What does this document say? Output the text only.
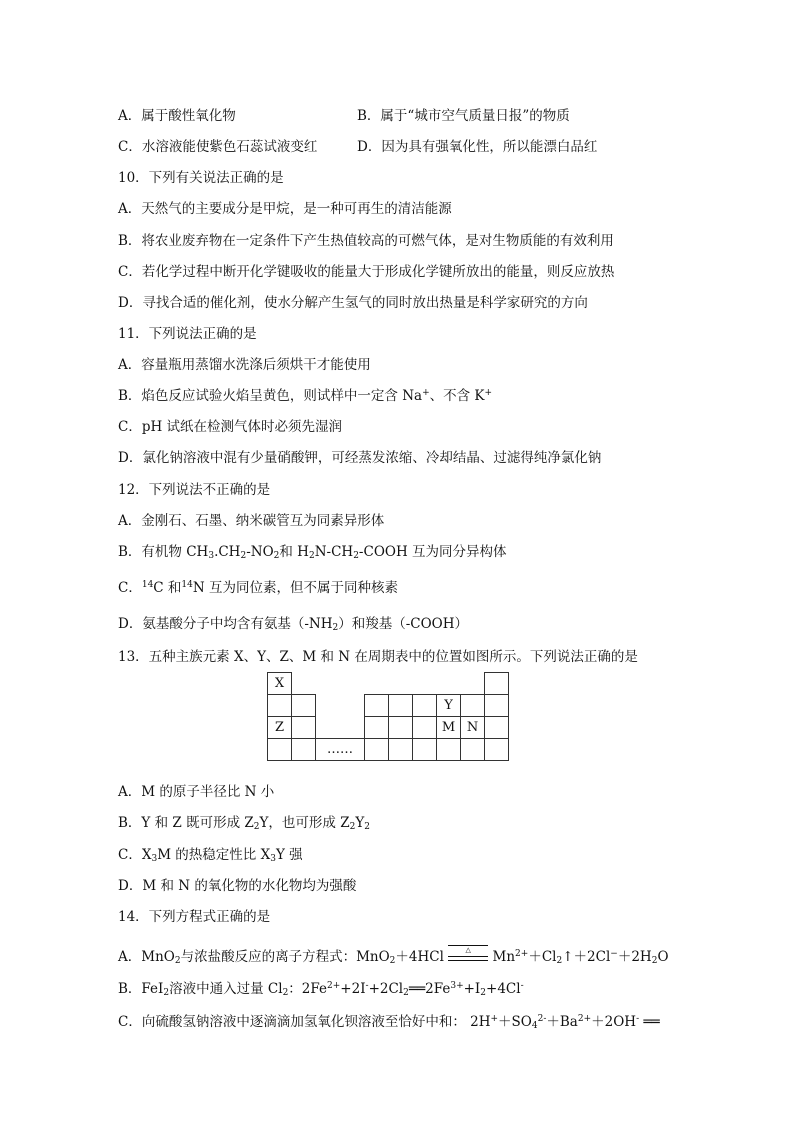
A．属于酸性氧化物	B．属于“城市空气质量日报”的物质
C．水溶液能使紫色石蕊试液变红	D．因为具有强氧化性，所以能漂白品红
10．下列有关说法正确的是
A．天然气的主要成分是甲烷，是一种可再生的清洁能源
B．将农业废弃物在一定条件下产生热值较高的可燃气体，是对生物质能的有效利用
C．若化学过程中断开化学键吸收的能量大于形成化学键所放出的能量，则反应放热
D．寻找合适的催化剂，使水分解产生氢气的同时放出热量是科学家研究的方向
11．下列说法正确的是
A．容量瓶用蒸馏水洗涤后须烘干才能使用
B．焰色反应试验火焰呈黄色，则试样中一定含 Na+、不含 K+
C．pH 试纸在检测气体时必须先湿润
D．氯化钠溶液中混有少量硝酸钾，可经蒸发浓缩、冷却结晶、过滤得纯净氯化钠
12．下列说法不正确的是
A．金刚石、石墨、纳米碳管互为同素异形体
B．有机物 $CH_3.CH_2-NO_2$和 $H_2N-CH_2$-COOH 互为同分异构体
C．$^{14}$C 和$^{14}$N 互为同位素，但不属于同种核素
D．氨基酸分子中均含有氨基$(-NH_2)$和羧基（-COOH）
13．五种主族元素 X、Y、Z、M 和 N 在周期表中的位置如图所示。下列说法正确的是
X									
							Y		
Z							M	N	
		……							
A．M 的原子半径比 N 小
B．Y 和 Z 既可形成 $Z_2Y$，也可形成 $Z_2Y_2$
C．$X_3M$ 的热稳定性比 $X_3Y$ 强
D．M 和 N 的氧化物的水化物均为强酸
14．下列方程式正确的是
A．MnO$_2$与浓盐酸反应的离子方程式：MnO$_2$＋4HCl	△	$Mn^{2+}+Cl_2↑+2Cl^-+2H_2O$
B．FeI$_2$溶液中通入过量 $Cl_2$：$2Fe^{2+}+2I^-+2Cl_2══2Fe^{3+}+I_2+4Cl^-$
C．向硫酸氢钠溶液中逐滴滴加氢氧化钡溶液至恰好中和： $2H^++SO_4^{2-}+Ba^{2+}+2OH^-$ ══
